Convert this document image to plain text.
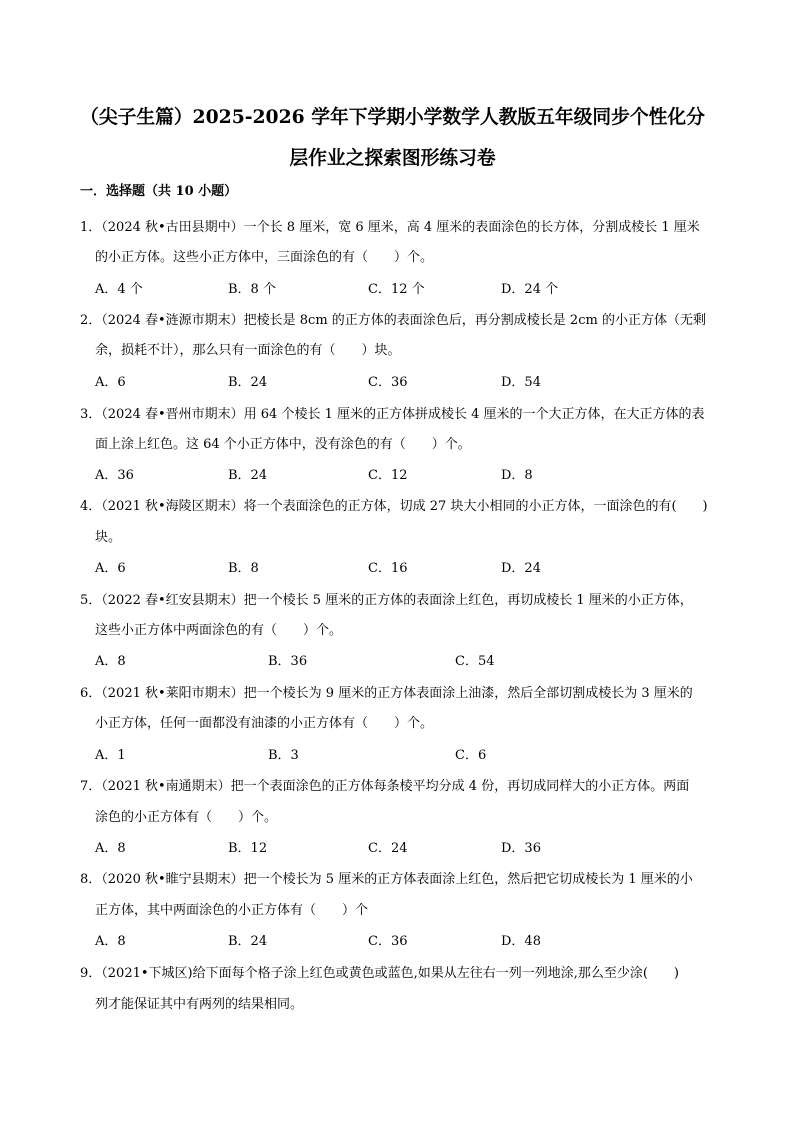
（尖子生篇）2025-2026 学年下学期小学数学人教版五年级同步个性化分
层作业之探索图形练习卷
一．选择题（共 10 小题）
1．（2024 秋•古田县期中）一个长 8 厘米，宽 6 厘米，高 4 厘米的表面涂色的长方体，分割成棱长 1 厘米
的小正方体。这些小正方体中，三面涂色的有（　　）个。
A．4 个	B．8 个	C．12 个	D．24 个
2．（2024 春•涟源市期末）把棱长是 8cm 的正方体的表面涂色后，再分割成棱长是 2cm 的小正方体（无剩
余，损耗不计），那么只有一面涂色的有（　　）块。
A．6	B．24	C．36	D．54
3．（2024 春•晋州市期末）用 64 个棱长 1 厘米的正方体拼成棱长 4 厘米的一个大正方体，在大正方体的表
面上涂上红色。这 64 个小正方体中，没有涂色的有（　　）个。
A．36	B．24	C．12	D．8
4．（2021 秋•海陵区期末）将一个表面涂色的正方体，切成 27 块大小相同的小正方体，一面涂色的有(　　)
块。
A．6	B．8	C．16	D．24
5．（2022 春•红安县期末）把一个棱长 5 厘米的正方体的表面涂上红色，再切成棱长 1 厘米的小正方体，
这些小正方体中两面涂色的有（　　）个。
A．8	B．36	C．54
6．（2021 秋•莱阳市期末）把一个棱长为 9 厘米的正方体表面涂上油漆，然后全部切割成棱长为 3 厘米的
小正方体，任何一面都没有油漆的小正方体有（　　）个。
A．1	B．3	C．6
7．（2021 秋•南通期末）把一个表面涂色的正方体每条棱平均分成 4 份，再切成同样大的小正方体。两面
涂色的小正方体有（　　）个。
A．8	B．12	C．24	D．36
8．（2020 秋•睢宁县期末）把一个棱长为 5 厘米的正方体表面涂上红色，然后把它切成棱长为 1 厘米的小
正方体，其中两面涂色的小正方体有（　　）个
A．8	B．24	C．36	D．48
9．（2021•下城区)给下面每个格子涂上红色或黄色或蓝色,如果从左往右一列一列地涂,那么至少涂(　　)
列才能保证其中有两列的结果相同。
